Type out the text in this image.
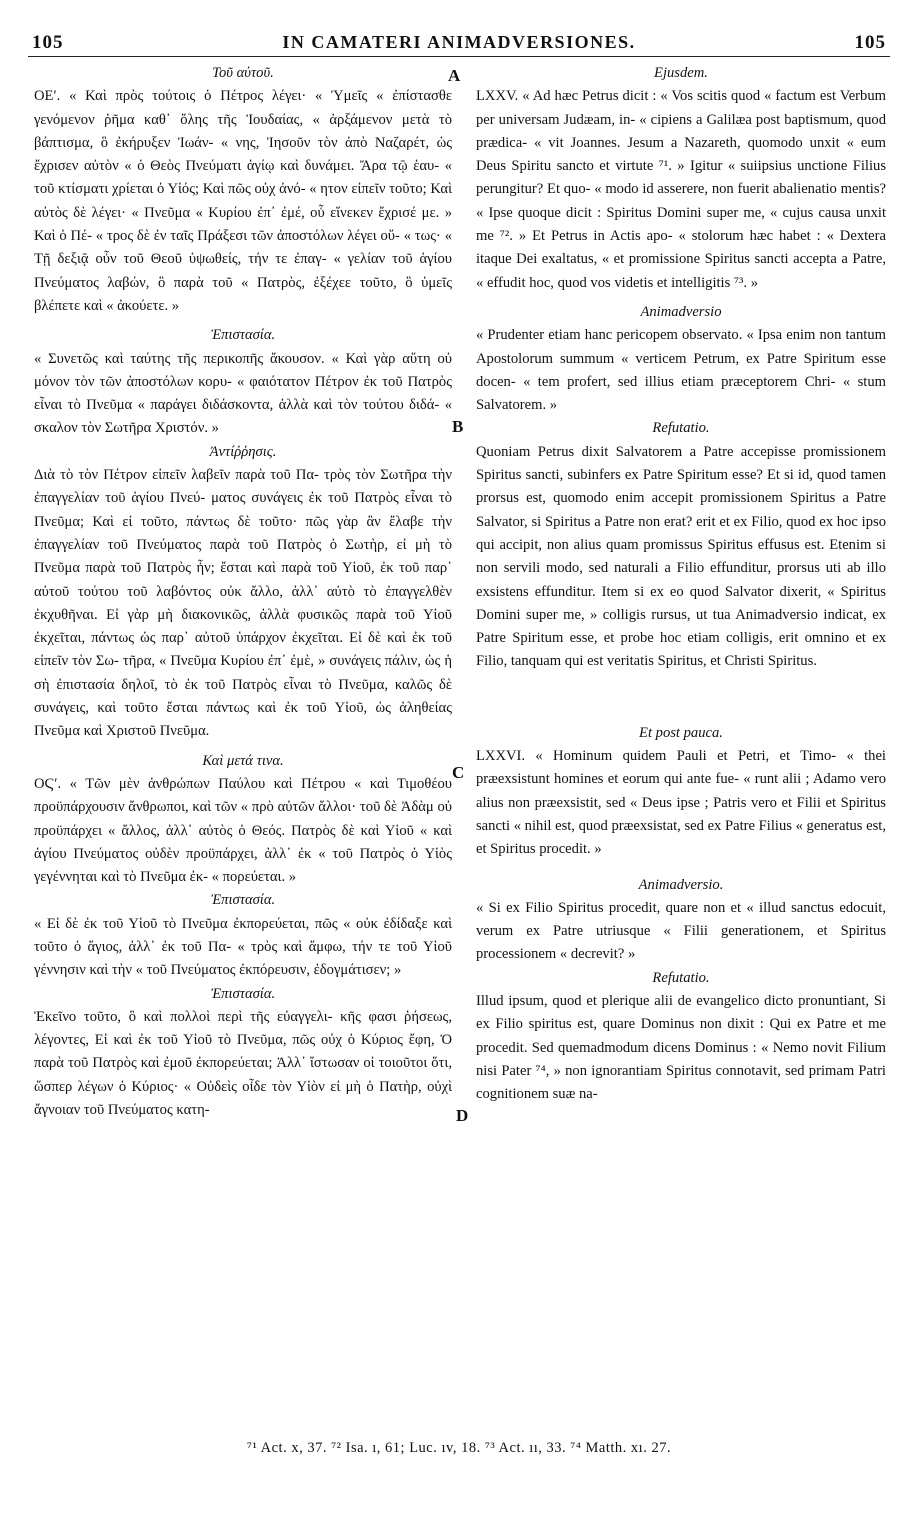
105	IN CAMATERI ANIMADVERSIONES.	105
A
B
C
D

Τοῦ αὐτοῦ.

ΟΕʹ. « Καὶ πρὸς τούτοις ὁ Πέτρος λέγει· « Ὑμεῖς « ἐπίστασθε γενόμενον ῥῆμα καθ᾽ ὅλης τῆς Ἰουδαίας, « ἀρξάμενον μετὰ τὸ βάπτισμα, ὃ ἐκήρυξεν Ἰωάν- « νης, Ἰησοῦν τὸν ἀπὸ Ναζαρέτ, ὡς ἔχρισεν αὐτὸν « ὁ Θεὸς Πνεύματι ἁγίῳ καὶ δυνάμει. Ἄρα τῷ ἑαυ- « τοῦ κτίσματι χρίεται ὁ Υἱός; Καὶ πῶς οὐχ ἀνό- « ητον εἰπεῖν τοῦτο; Καὶ αὐτὸς δὲ λέγει· « Πνεῦμα « Κυρίου ἐπ᾽ ἐμέ, οὗ εἵνεκεν ἔχρισέ με. » Καὶ ὁ Πέ- « τρος δὲ ἐν ταῖς Πράξεσι τῶν ἀποστόλων λέγει οὕ- « τως· « Τῇ δεξιᾷ οὖν τοῦ Θεοῦ ὑψωθείς, τήν τε ἐπαγ- « γελίαν τοῦ ἁγίου Πνεύματος λαβών, ὃ παρὰ τοῦ « Πατρὸς, ἐξέχεε τοῦτο, ὃ ὑμεῖς βλέπετε καὶ « ἀκούετε. »

Ἐπιστασία.

« Συνετῶς καὶ ταύτης τῆς περικοπῆς ἄκουσον. « Καὶ γὰρ αὕτη οὐ μόνον τὸν τῶν ἀποστόλων κορυ- « φαιότατον Πέτρον ἐκ τοῦ Πατρὸς εἶναι τὸ Πνεῦμα « παράγει διδάσκοντα, ἀλλὰ καὶ τὸν τούτου διδά- « σκαλον τὸν Σωτῆρα Χριστόν. »

Ἀντίῤῥησις.

Διὰ τὸ τὸν Πέτρον εἰπεῖν λαβεῖν παρὰ τοῦ Πα- τρὸς τὸν Σωτῆρα τὴν ἐπαγγελίαν τοῦ ἁγίου Πνεύ- ματος συνάγεις ἐκ τοῦ Πατρὸς εἶναι τὸ Πνεῦμα; Καὶ εἰ τοῦτο, πάντως δὲ τοῦτο· πῶς γὰρ ἂν ἔλαβε τὴν ἐπαγγελίαν τοῦ Πνεύματος παρὰ τοῦ Πατρὸς ὁ Σωτὴρ, εἰ μὴ τὸ Πνεῦμα παρὰ τοῦ Πατρὸς ἦν; ἔσται καὶ παρὰ τοῦ Υἱοῦ, ἐκ τοῦ παρ᾽ αὐτοῦ τούτου τοῦ λαβόντος οὐκ ἄλλο, ἀλλ᾽ αὐτὸ τὸ ἐπαγγελθὲν ἐκχυθῆναι. Εἰ γὰρ μὴ διακονικῶς, ἀλλὰ φυσικῶς παρὰ τοῦ Υἱοῦ ἐκχεῖται, πάντως ὡς παρ᾽ αὐτοῦ ὑπάρχον ἐκχεῖται. Εἰ δὲ καὶ ἐκ τοῦ εἰπεῖν τὸν Σω- τῆρα, « Πνεῦμα Κυρίου ἐπ᾽ ἐμὲ, » συνάγεις πάλιν, ὡς ἡ σὴ ἐπιστασία δηλοῖ, τὸ ἐκ τοῦ Πατρὸς εἶναι τὸ Πνεῦμα, καλῶς δὲ συνάγεις, καὶ τοῦτο ἔσται πάντως καὶ ἐκ τοῦ Υἱοῦ, ὡς ἀληθείας Πνεῦμα καὶ Χριστοῦ Πνεῦμα.

Καὶ μετά τινα.

ΟϚʹ. « Τῶν μὲν ἀνθρώπων Παύλου καὶ Πέτρου « καὶ Τιμοθέου προϋπάρχουσιν ἄνθρωποι, καὶ τῶν « πρὸ αὐτῶν ἄλλοι· τοῦ δὲ Ἀδὰμ οὐ προϋπάρχει « ἄλλος, ἀλλ᾽ αὐτὸς ὁ Θεός. Πατρὸς δὲ καὶ Υἱοῦ « καὶ ἁγίου Πνεύματος οὐδὲν προϋπάρχει, ἀλλ᾽ ἐκ « τοῦ Πατρὸς ὁ Υἱὸς γεγέννηται καὶ τὸ Πνεῦμα ἐκ- « πορεύεται. »

Ἐπιστασία.

« Εἰ δὲ ἐκ τοῦ Υἱοῦ τὸ Πνεῦμα ἐκπορεύεται, πῶς « οὐκ ἐδίδαξε καὶ τοῦτο ὁ ἅγιος, ἀλλ᾽ ἐκ τοῦ Πα- « τρὸς καὶ ἄμφω, τήν τε τοῦ Υἱοῦ γέννησιν καὶ τὴν « τοῦ Πνεύματος ἐκπόρευσιν, ἐδογμάτισεν; »

Ἐπιστασία.

Ἐκεῖνο τοῦτο, ὃ καὶ πολλοὶ περὶ τῆς εὐαγγελι- κῆς φασι ῥήσεως, λέγοντες, Εἰ καὶ ἐκ τοῦ Υἱοῦ τὸ Πνεῦμα, πῶς οὐχ ὁ Κύριος ἔφη, Ὁ παρὰ τοῦ Πατρὸς καὶ ἐμοῦ ἐκπορεύεται; Ἀλλ᾽ ἴστωσαν οἱ τοιοῦτοι ὅτι, ὥσπερ λέγων ὁ Κύριος· « Οὐδεὶς οἶδε τὸν Υἱὸν εἰ μὴ ὁ Πατὴρ, οὐχὶ ἄγνοιαν τοῦ Πνεύματος κατη-

Ejusdem.

LXXV. « Ad hæc Petrus dicit : « Vos scitis quod « factum est Verbum per universam Judæam, in- « cipiens a Galilæa post baptismum, quod prædica- « vit Joannes. Jesum a Nazareth, quomodo unxit « eum Deus Spiritu sancto et virtute ⁷¹. » Igitur « suiipsius unctione Filius perungitur? Et quo- « modo id asserere, non fuerit abalienatio mentis? « Ipse quoque dicit : Spiritus Domini super me, « cujus causa unxit me ⁷². » Et Petrus in Actis apo- « stolorum hæc habet : « Dextera itaque Dei exaltatus, « et promissione Spiritus sancti accepta a Patre, « effudit hoc, quod vos videtis et intelligitis ⁷³. »

Animadversio

« Prudenter etiam hanc pericopem observato. « Ipsa enim non tantum Apostolorum summum « verticem Petrum, ex Patre Spiritum esse docen- « tem profert, sed illius etiam præceptorem Chri- « stum Salvatorem. »

Refutatio.

Quoniam Petrus dixit Salvatorem a Patre accepisse promissionem Spiritus sancti, subinfers ex Patre Spiritum esse? Et si id, quod tamen prorsus est, quomodo enim accepit promissionem Spiritus a Patre Salvator, si Spiritus a Patre non erat? erit et ex Filio, quod ex hoc ipso qui accipit, non alius quam promissus Spiritus effusus est. Etenim si non servili modo, sed naturali a Filio effunditur, prorsus uti ab illo exsistens effunditur. Item si ex eo quod Salvator dixerit, « Spiritus Domini super me, » colligis rursus, ut tua Animadversio indicat, ex Patre Spiritum esse, et probe hoc etiam colligis, erit omnino et ex Filio, tanquam qui est veritatis Spiritus, et Christi Spiritus.

Et post pauca.

LXXVI. « Hominum quidem Pauli et Petri, et Timo- « thei præexsistunt homines et eorum qui ante fue- « runt alii ; Adamo vero alius non præexsistit, sed « Deus ipse ; Patris vero et Filii et Spiritus sancti « nihil est, quod præexsistat, sed ex Patre Filius « generatus est, et Spiritus procedit. »

Animadversio.

« Si ex Filio Spiritus procedit, quare non et « illud sanctus edocuit, verum ex Patre utriusque « Filii generationem, et Spiritus processionem « decrevit? »

Refutatio.

Illud ipsum, quod et plerique alii de evangelico dicto pronuntiant, Si ex Filio spiritus est, quare Dominus non dixit : Qui ex Patre et me procedit. Sed quemadmodum dicens Dominus : « Nemo novit Filium nisi Pater ⁷⁴, » non ignorantiam Spiritus connotavit, sed primam Patri cognitionem suæ na-

⁷¹ Act. x, 37. ⁷² Isa. ı, 61; Luc. ıv, 18. ⁷³ Act. ıı, 33. ⁷⁴ Matth. xı. 27.
